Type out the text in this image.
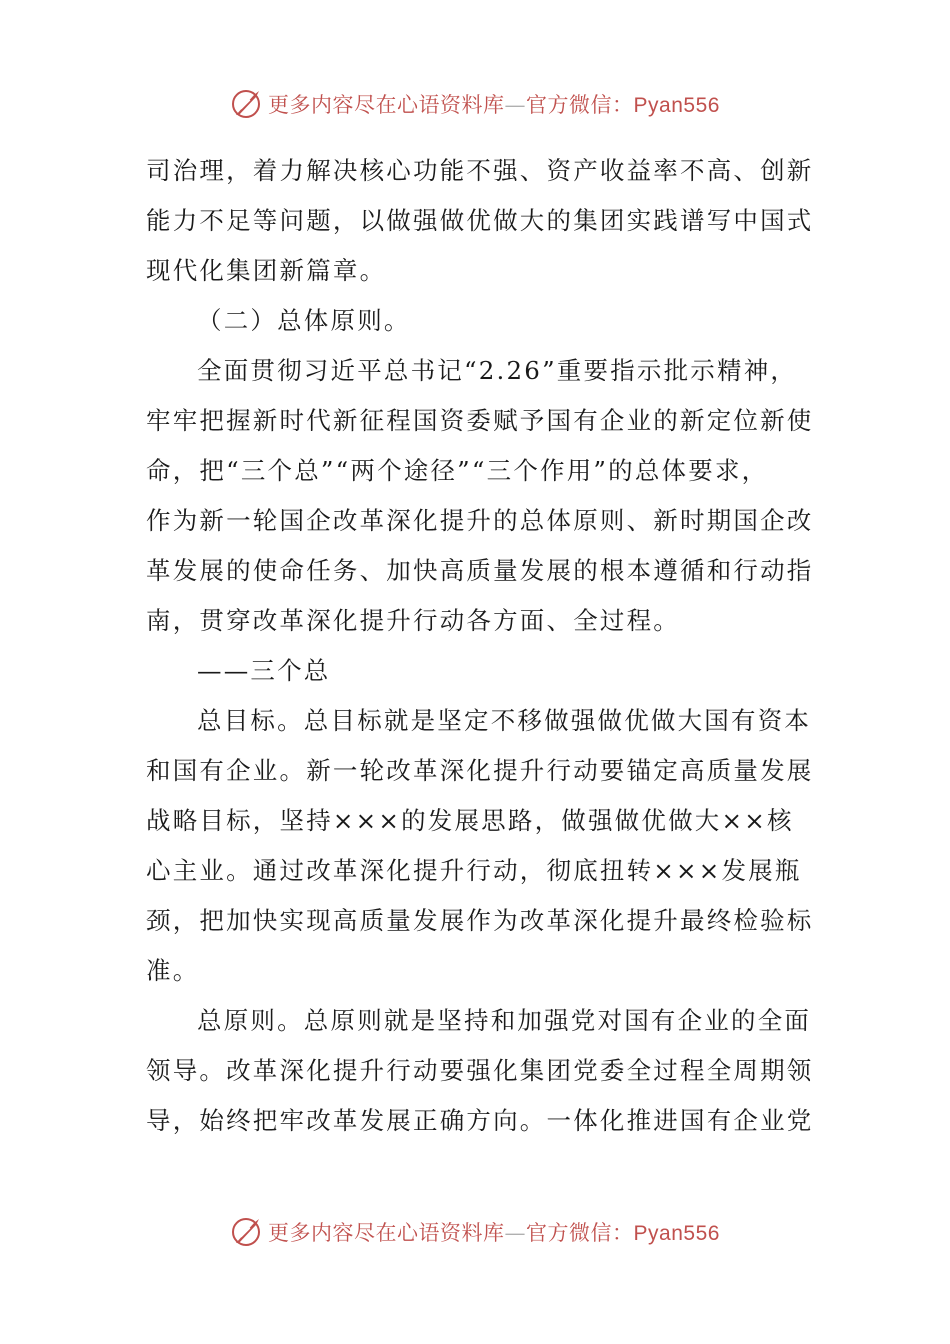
更多内容尽在心语资料库—官方微信：Pyan556
司治理，着力解决核心功能不强、资产收益率不高、创新
能力不足等问题，以做强做优做大的集团实践谱写中国式
现代化集团新篇章。
（二）总体原则。
全面贯彻习近平总书记“2.26”重要指示批示精神，
牢牢把握新时代新征程国资委赋予国有企业的新定位新使
命，把“三个总”“两个途径”“三个作用”的总体要求，
作为新一轮国企改革深化提升的总体原则、新时期国企改
革发展的使命任务、加快高质量发展的根本遵循和行动指
南，贯穿改革深化提升行动各方面、全过程。
——三个总
总目标。总目标就是坚定不移做强做优做大国有资本
和国有企业。新一轮改革深化提升行动要锚定高质量发展
战略目标，坚持×××的发展思路，做强做优做大××核
心主业。通过改革深化提升行动，彻底扭转×××发展瓶
颈，把加快实现高质量发展作为改革深化提升最终检验标
准。
总原则。总原则就是坚持和加强党对国有企业的全面
领导。改革深化提升行动要强化集团党委全过程全周期领
导，始终把牢改革发展正确方向。一体化推进国有企业党
更多内容尽在心语资料库—官方微信：Pyan556
